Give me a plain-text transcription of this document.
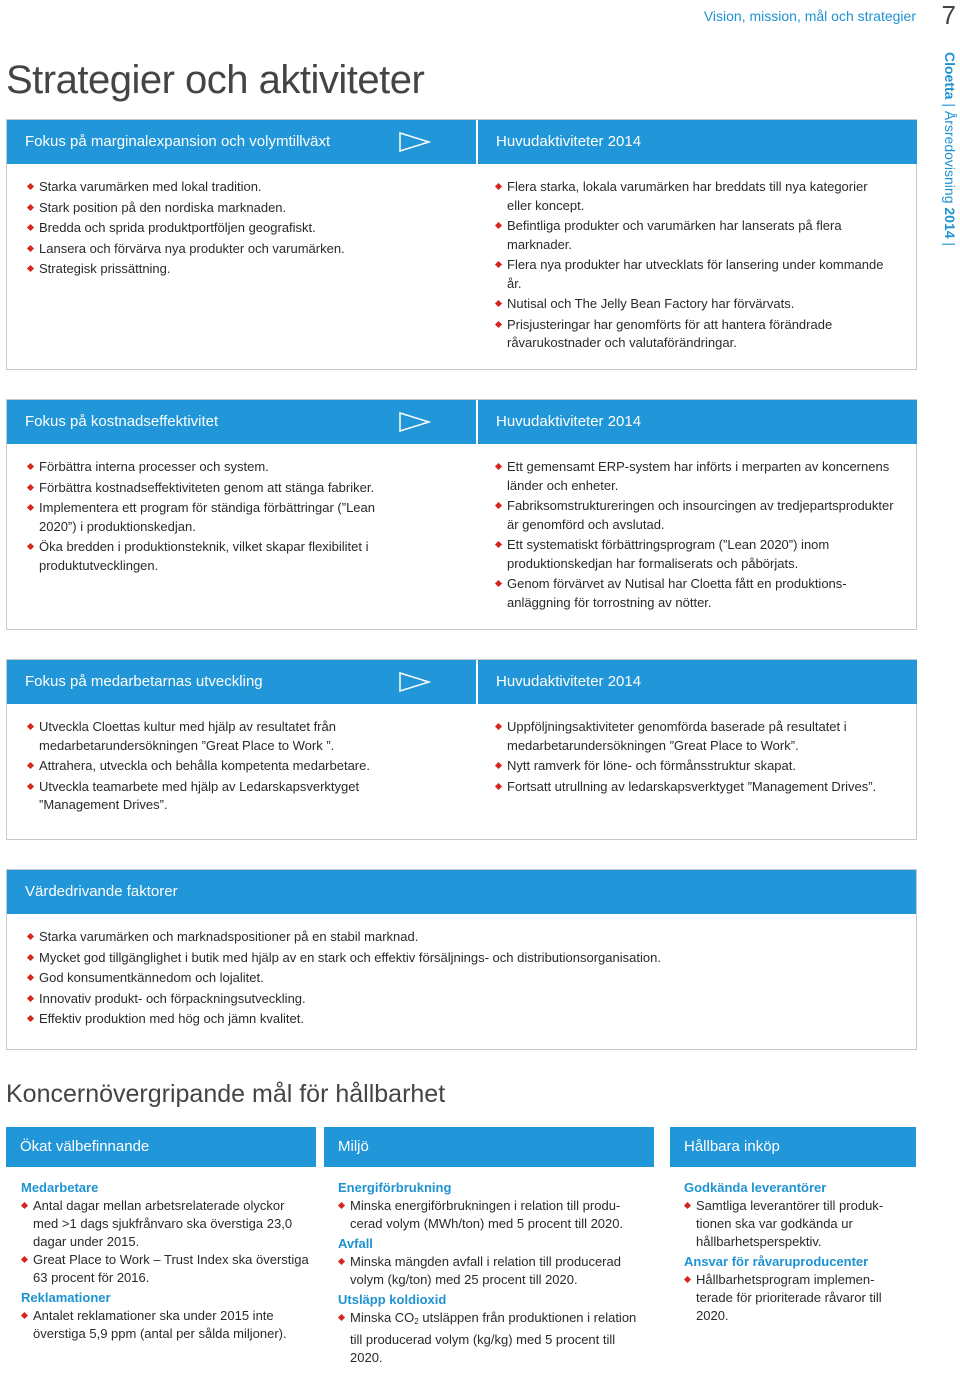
Vision, mission, mål och strategier 7
Cloetta | Årsredovisning 2014 |
Strategier och aktiviteter
Fokus på marginalexpansion och volymtillväxt	Huvudaktiviteter 2014
Starka varumärken med lokal tradition.
Stark position på den nordiska marknaden.
Bredda och sprida produktportföljen geografiskt.
Lansera och förvärva nya produkter och varumärken.
Strategisk prissättning.
Flera starka, lokala varumärken har breddats till nya kategorier eller koncept.
Befintliga produkter och varumärken har lanserats på flera marknader.
Flera nya produkter har utvecklats för lansering under kommande år.
Nutisal och The Jelly Bean Factory har förvärvats.
Prisjusteringar har genomförts för att hantera förändrade råvarukostnader och valutaförändringar.
Fokus på kostnadseffektivitet	Huvudaktiviteter 2014
Förbättra interna processer och system.
Förbättra kostnadseffektiviteten genom att stänga fabriker.
Implementera ett program för ständiga förbättringar (”Lean 2020”) i produktionskedjan.
Öka bredden i produktionsteknik, vilket skapar flexibilitet i produktutvecklingen.
Ett gemensamt ERP-system har införts i merparten av koncernens länder och enheter.
Fabriksomstruktureringen och insourcingen av tredjepartsprodukter är genomförd och avslutad.
Ett systematiskt förbättringsprogram (”Lean 2020”) inom produktionskedjan har formaliserats och påbörjats.
Genom förvärvet av Nutisal har Cloetta fått en produktionsanläggning för torrostning av nötter.
Fokus på medarbetarnas utveckling	Huvudaktiviteter 2014
Utveckla Cloettas kultur med hjälp av resultatet från medarbetarundersökningen ”Great Place to Work ”.
Attrahera, utveckla och behålla kompetenta medarbetare.
Utveckla teamarbete med hjälp av Ledarskapsverktyget ”Management Drives”.
Uppföljningsaktiviteter genomförda baserade på resultatet i medarbetarundersökningen ”Great Place to Work”.
Nytt ramverk för löne- och förmånsstruktur skapat.
Fortsatt utrullning av ledarskapsverktyget ”Management Drives”.
Värdedrivande faktorer
Starka varumärken och marknadspositioner på en stabil marknad.
Mycket god tillgänglighet i butik med hjälp av en stark och effektiv försäljnings- och distributionsorganisation.
God konsumentkännedom och lojalitet.
Innovativ produkt- och förpackningsutveckling.
Effektiv produktion med hög och jämn kvalitet.
Koncernövergripande mål för hållbarhet
Ökat välbefinnande	Miljö	Hållbara inköp
Medarbetare
Antal dagar mellan arbetsrelaterade olyckor med >1 dags sjukfrånvaro ska överstiga 23,0 dagar under 2015.
Great Place to Work – Trust Index ska överstiga 63 procent för 2016.
Reklamationer
Antalet reklamationer ska under 2015 inte överstiga 5,9 ppm (antal per sålda miljoner).
Energiförbrukning
Minska energiförbrukningen i relation till producerad volym (MWh/ton) med 5 procent till 2020.
Avfall
Minska mängden avfall i relation till producerad volym (kg/ton) med 25 procent till 2020.
Utsläpp koldioxid
Minska $CO_2$ utsläppen från produktionen i relation till producerad volym (kg/kg) med 5 procent till 2020.
Godkända leverantörer
Samtliga leverantörer till produktionen ska var godkända ur hållbarhetsperspektiv.
Ansvar för råvaruproducenter
Hållbarhetsprogram implementerade för prioriterade råvaror till 2020.
